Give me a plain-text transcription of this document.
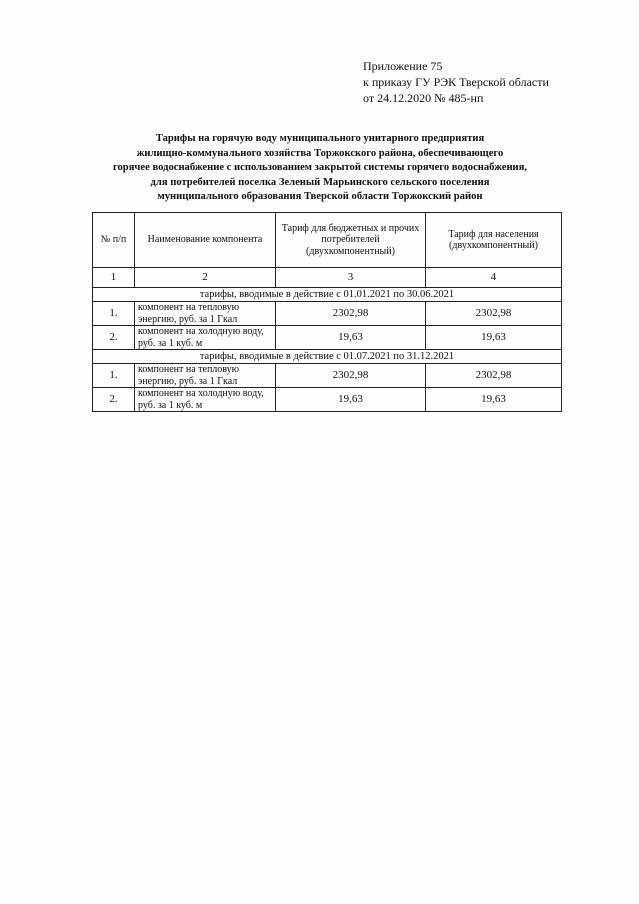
Приложение 75
к приказу ГУ РЭК Тверской области
от 24.12.2020 № 485-нп
Тарифы на горячую воду муниципального унитарного предприятия
жилищно-коммунального хозяйства Торжокского района, обеспечивающего
горячее водоснабжение с использованием закрытой системы горячего водоснабжения,
для потребителей поселка Зеленый Марьинского сельского поселения
муниципального образования Тверской области Торжокский район
№ п/п	Наименование компонента	Тариф для бюджетных и прочих потребителей (двухкомпонентный)	Тариф для населения (двухкомпонентный)
1	2	3	4
тарифы, вводимые в действие с 01.01.2021 по 30.06.2021			
1.	компонент на тепловую энергию, руб. за 1 Гкал	2302,98	2302,98
2.	компонент на холодную воду, руб. за 1 куб. м	19,63	19,63
тарифы, вводимые в действие с 01.07.2021 по 31.12.2021			
1.	компонент на тепловую энергию, руб. за 1 Гкал	2302,98	2302,98
2.	компонент на холодную воду, руб. за 1 куб. м	19,63	19,63
